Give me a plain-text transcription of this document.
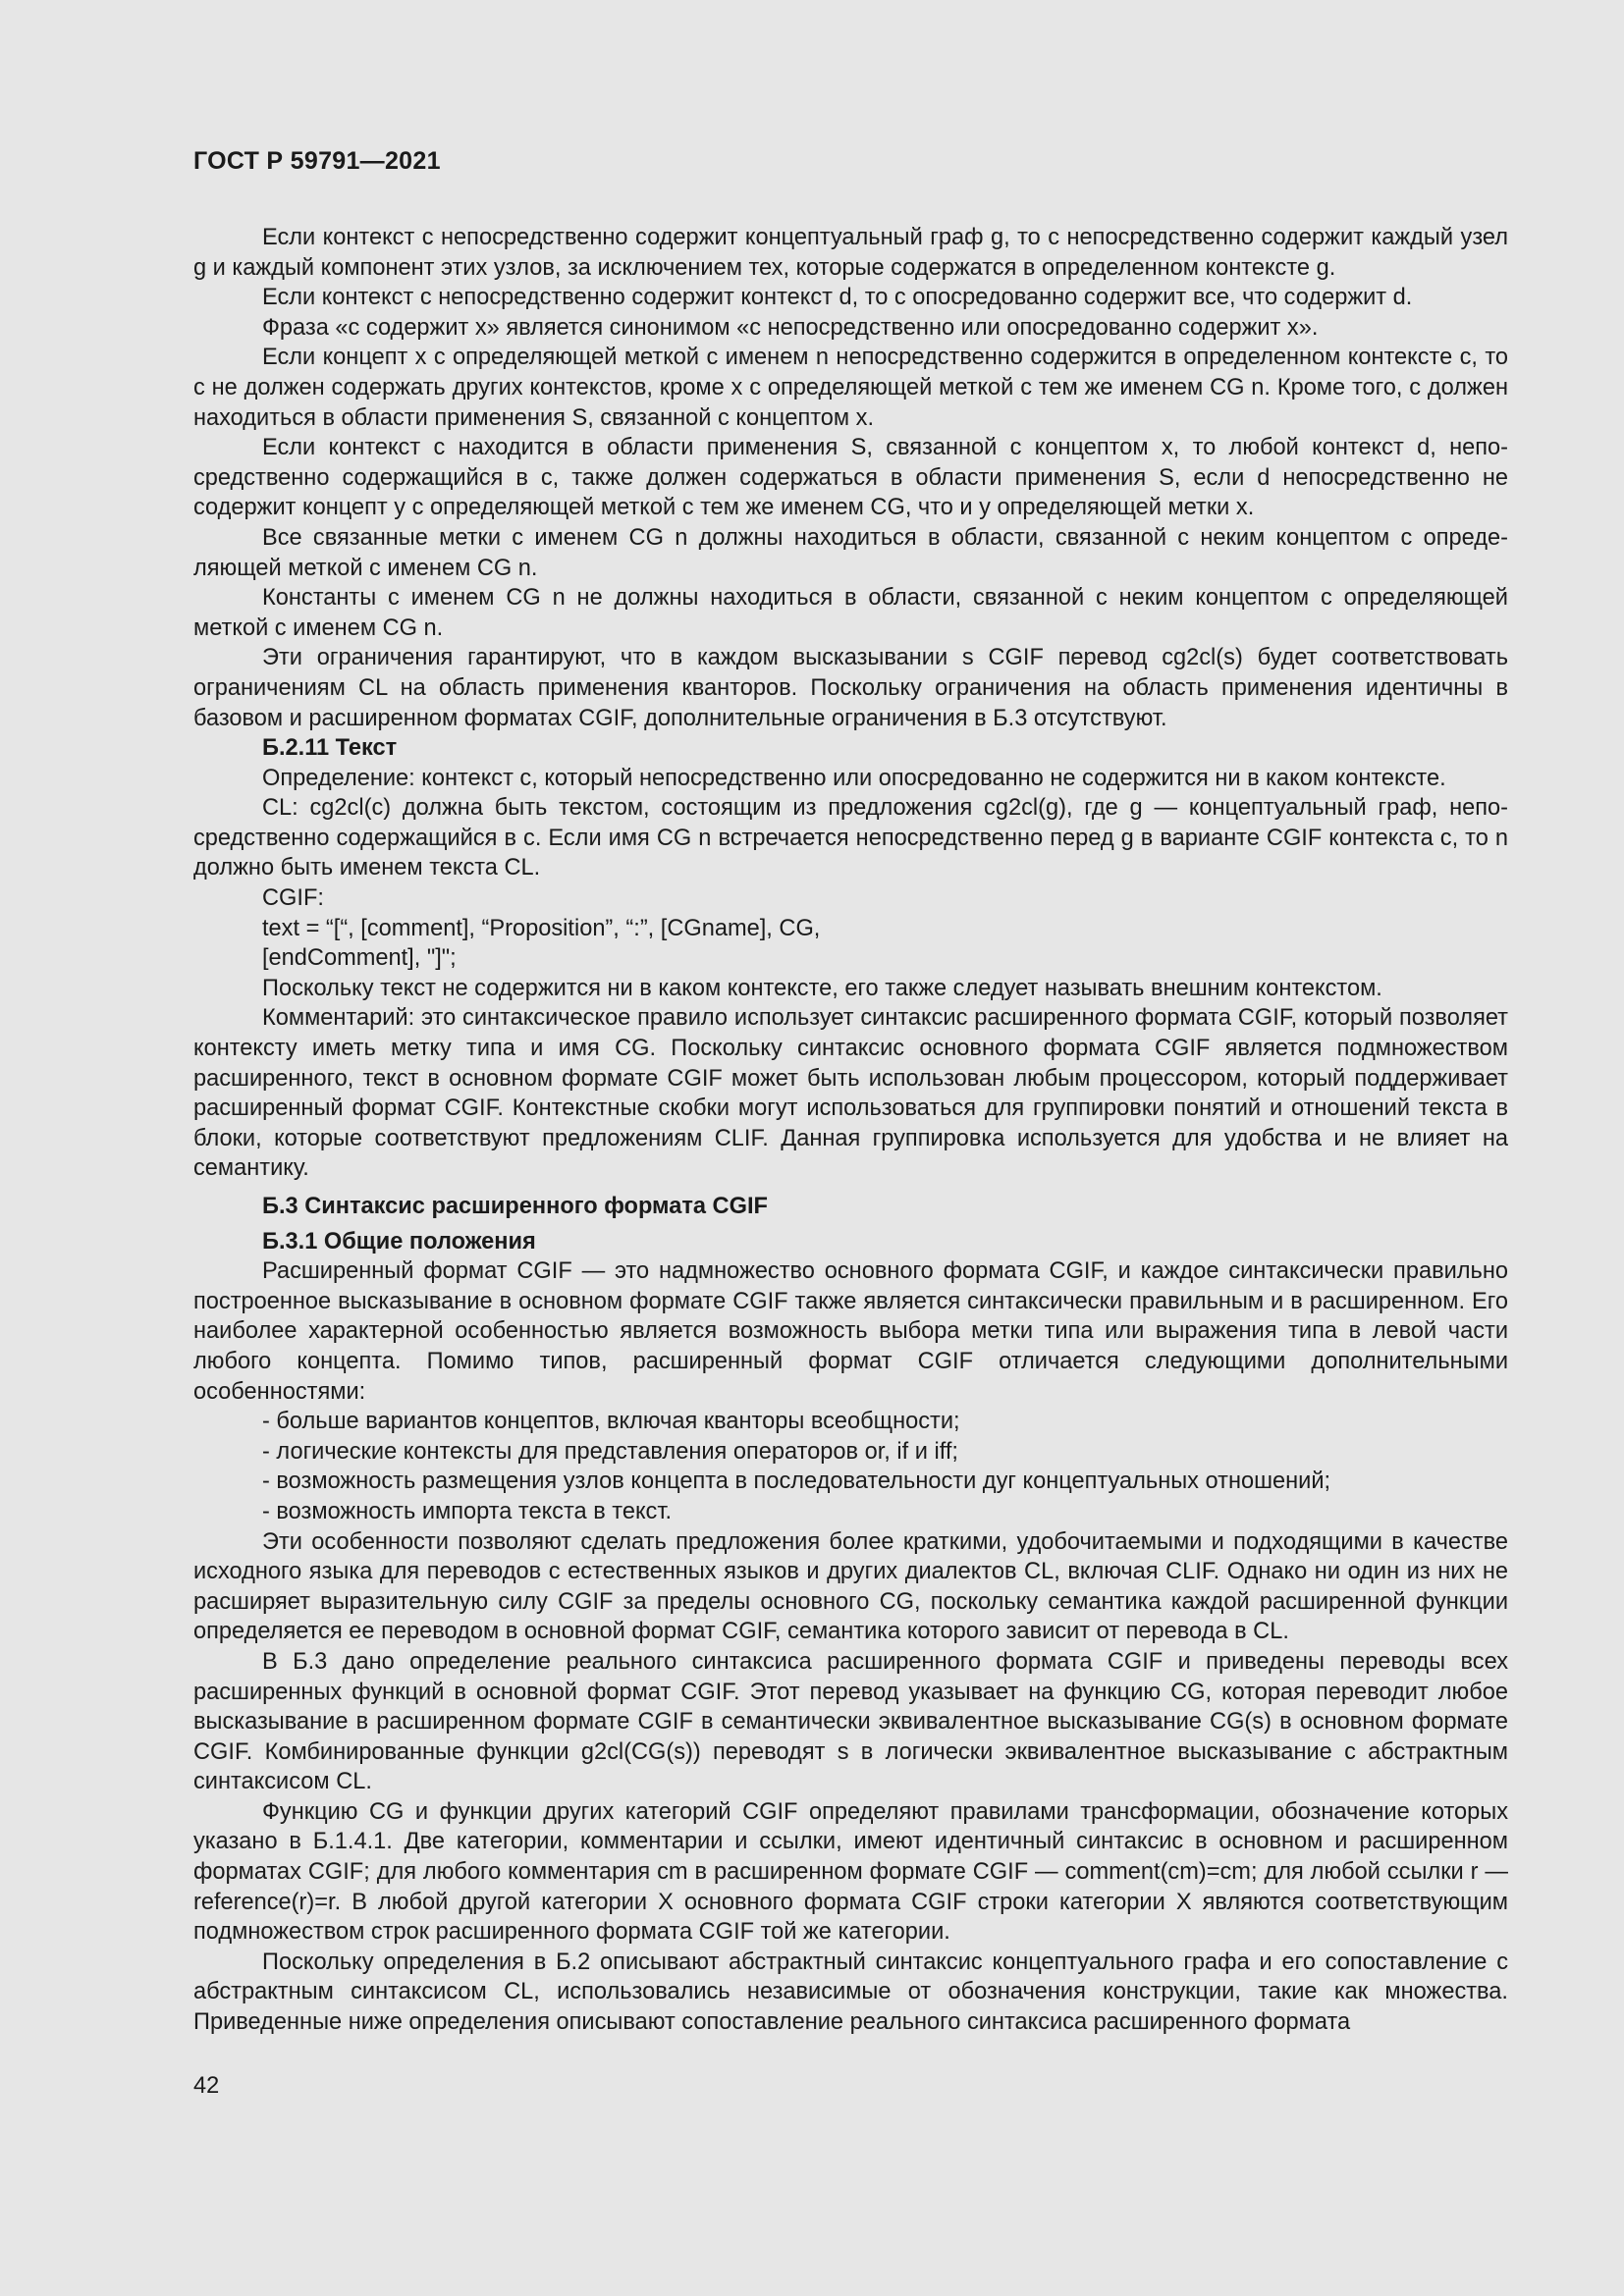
ГОСТ Р 59791—2021

Если контекст c непосредственно содержит концептуальный граф g, то c непосредственно содержит каждый узел g и каждый компонент этих узлов, за исключением тех, которые содержатся в определенном контексте g.

Если контекст c непосредственно содержит контекст d, то c опосредованно содержит все, что содержит d.

Фраза «c содержит x» является синонимом «c непосредственно или опосредованно содержит x».

Если концепт x с определяющей меткой с именем n непосредственно содержится в определенном контексте c, то c не должен содержать других контекстов, кроме x с определяющей меткой с тем же именем CG n. Кроме того, c должен находиться в области применения S, связанной с концептом x.

Если контекст c находится в области применения S, связанной с концептом x, то любой контекст d, непосредственно содержащийся в c, также должен содержаться в области применения S, если d непосредственно не содержит концепт y с определяющей меткой с тем же именем CG, что и у определяющей метки x.

Все связанные метки с именем CG n должны находиться в области, связанной с неким концептом с определяющей меткой с именем CG n.

Константы с именем CG n не должны находиться в области, связанной с неким концептом с определяющей меткой с именем CG n.

Эти ограничения гарантируют, что в каждом высказывании s CGIF перевод cg2cl(s) будет соответствовать ограничениям CL на область применения кванторов. Поскольку ограничения на область применения идентичны в базовом и расширенном форматах CGIF, дополнительные ограничения в Б.3 отсутствуют.

Б.2.11 Текст

Определение: контекст c, который непосредственно или опосредованно не содержится ни в каком контексте.

CL: cg2cl(c) должна быть текстом, состоящим из предложения cg2cl(g), где g — концептуальный граф, непосредственно содержащийся в c. Если имя CG n встречается непосредственно перед g в варианте CGIF контекста c, то n должно быть именем текста CL.

CGIF:

text = “[“, [comment], “Proposition”, “:”, [CGname], CG,

[endComment], "]";

Поскольку текст не содержится ни в каком контексте, его также следует называть внешним контекстом.

Комментарий: это синтаксическое правило использует синтаксис расширенного формата CGIF, который позволяет контексту иметь метку типа и имя CG. Поскольку синтаксис основного формата CGIF является подмножеством расширенного, текст в основном формате CGIF может быть использован любым процессором, который поддерживает расширенный формат CGIF. Контекстные скобки могут использоваться для группировки понятий и отношений текста в блоки, которые соответствуют предложениям CLIF. Данная группировка используется для удобства и не влияет на семантику.

Б.3 Синтаксис расширенного формата CGIF

Б.3.1 Общие положения

Расширенный формат CGIF — это надмножество основного формата CGIF, и каждое синтаксически правильно построенное высказывание в основном формате CGIF также является синтаксически правильным и в расширенном. Его наиболее характерной особенностью является возможность выбора метки типа или выражения типа в левой части любого концепта. Помимо типов, расширенный формат CGIF отличается следующими дополнительными особенностями:

- больше вариантов концептов, включая кванторы всеобщности;

- логические контексты для представления операторов or, if и iff;

- возможность размещения узлов концепта в последовательности дуг концептуальных отношений;

- возможность импорта текста в текст.

Эти особенности позволяют сделать предложения более краткими, удобочитаемыми и подходящими в качестве исходного языка для переводов с естественных языков и других диалектов CL, включая CLIF. Однако ни один из них не расширяет выразительную силу CGIF за пределы основного CG, поскольку семантика каждой расширенной функции определяется ее переводом в основной формат CGIF, семантика которого зависит от перевода в CL.

В Б.3 дано определение реального синтаксиса расширенного формата CGIF и приведены переводы всех расширенных функций в основной формат CGIF. Этот перевод указывает на функцию CG, которая переводит любое высказывание в расширенном формате CGIF в семантически эквивалентное высказывание CG(s) в основном формате CGIF. Комбинированные функции g2cl(CG(s)) переводят s в логически эквивалентное высказывание с абстрактным синтаксисом CL.

Функцию CG и функции других категорий CGIF определяют правилами трансформации, обозначение которых указано в Б.1.4.1. Две категории, комментарии и ссылки, имеют идентичный синтаксис в основном и расширенном форматах CGIF; для любого комментария cm в расширенном формате CGIF — comment(cm)=cm; для любой ссылки r — reference(r)=r. В любой другой категории X основного формата CGIF строки категории X являются соответствующим подмножеством строк расширенного формата CGIF той же категории.

Поскольку определения в Б.2 описывают абстрактный синтаксис концептуального графа и его сопоставление с абстрактным синтаксисом CL, использовались независимые от обозначения конструкции, такие как множества. Приведенные ниже определения описывают сопоставление реального синтаксиса расширенного формата

42
